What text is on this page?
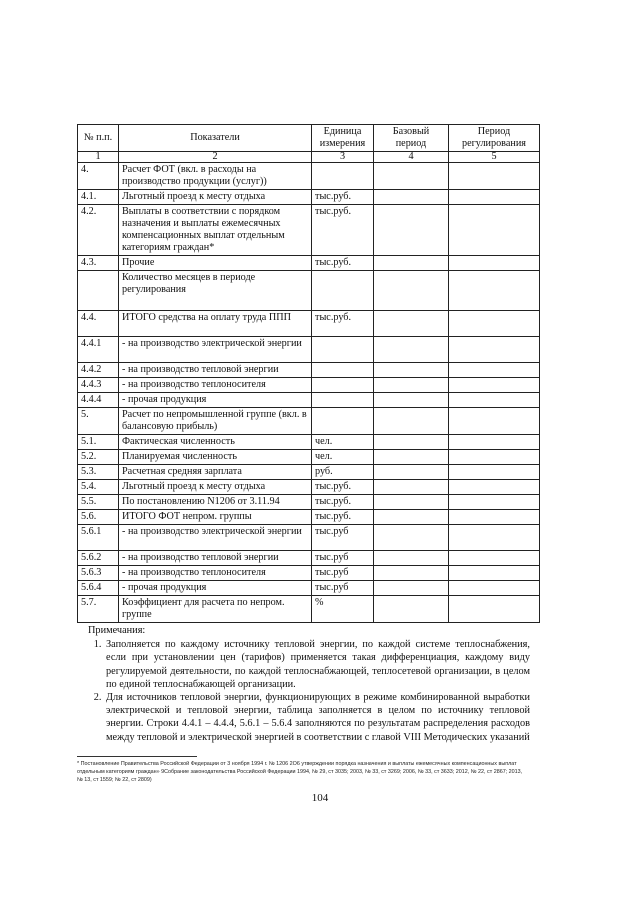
№ п.п.	Показатели	Единица измерения	Базовый период	Период регулирования
1	2	3	4	5
4.	Расчет ФОТ (вкл. в расходы на производство продукции (услуг))			
4.1.	Льготный проезд к месту отдыха	тыс.руб.		
4.2.	Выплаты в соответствии с порядком назначения и выплаты ежемесячных компенсационных выплат отдельным категориям граждан*	тыс.руб.		
4.3.	Прочие	тыс.руб.		
	Количество месяцев в периоде регулирования			
4.4.	ИТОГО средства на оплату труда ППП	тыс.руб.		
4.4.1	- на производство электрической энергии			
4.4.2	- на производство тепловой энергии			
4.4.3	- на производство теплоносителя			
4.4.4	- прочая продукция			
5.	Расчет по непромышленной группе (вкл. в балансовую прибыль)			
5.1.	Фактическая численность	чел.		
5.2.	Планируемая численность	чел.		
5.3.	Расчетная средняя зарплата	руб.		
5.4.	Льготный проезд к месту отдыха	тыс.руб.		
5.5.	По постановлению N1206 от 3.11.94	тыс.руб.		
5.6.	ИТОГО ФОТ непром. группы	тыс.руб.		
5.6.1	- на производство электрической энергии	тыс.руб		
5.6.2	- на производство тепловой энергии	тыс.руб		
5.6.3	- на производство теплоносителя	тыс.руб		
5.6.4	- прочая продукция	тыс.руб		
5.7.	Коэффициент для расчета по непром. группе	%		
Примечания:
1. Заполняется по каждому источнику тепловой энергии, по каждой системе теплоснабжения, если при установлении цен (тарифов) применяется такая дифференциация, каждому виду регулируемой деятельности, по каждой теплоснабжающей, теплосетевой организации, в целом по единой теплоснабжающей организации.
2. Для источников тепловой энергии, функционирующих в режиме комбинированной выработки электрической и тепловой энергии, таблица заполняется в целом по источнику тепловой энергии. Строки 4.4.1 – 4.4.4, 5.6.1 – 5.6.4 заполняются по результатам распределения расходов между тепловой и электрической энергией в соответствии с главой VIII Методических указаний
* Постановление Правительства Российской Федерации от 3 ноября 1994 г. № 1206 2О6 утверждении порядка назначения и выплаты ежемесячных компенсационных выплат отдельным категориям граждан» 9Собрание законодательства Российской Федерации 1994, № 29, ст 3035; 2003, № 33, ст 3269; 2006, № 33, ст 3633; 2012, № 22, ст 2867; 2013, № 13, ст 1559; № 22, ст 2809)
104
